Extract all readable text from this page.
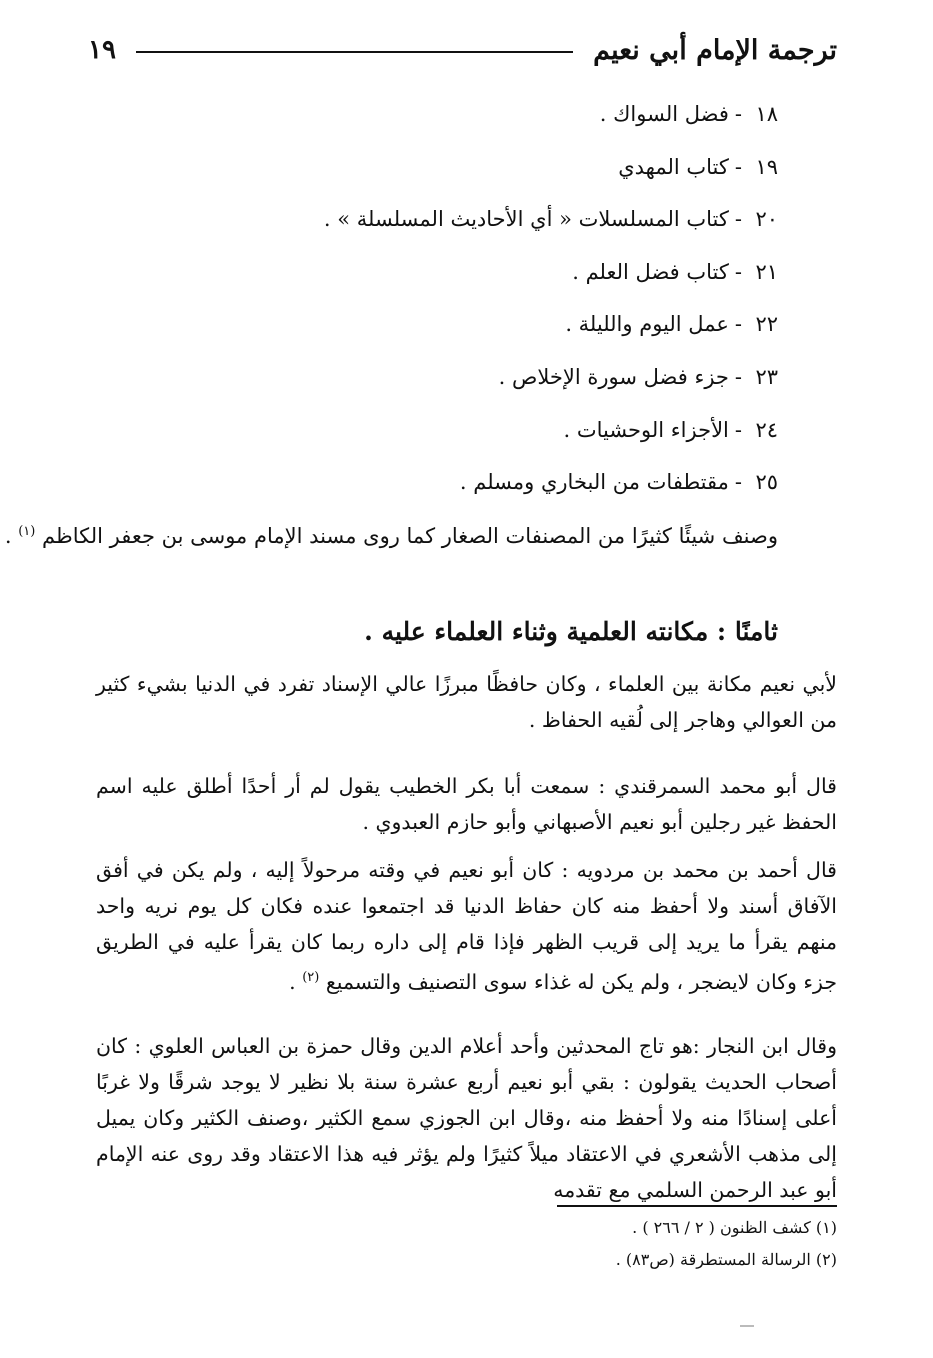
ترجمة الإمام أبي نعيم
١٩
١٨-فضل السواك .
١٩-كتاب المهدي
٢٠-كتاب المسلسلات « أي الأحاديث المسلسلة » .
٢١-كتاب فضل العلم .
٢٢-عمل اليوم والليلة .
٢٣-جزء فضل سورة الإخلاص .
٢٤-الأجزاء الوحشيات .
٢٥-مقتطفات من البخاري ومسلم .
وصنف شيئًا كثيرًا من المصنفات الصغار كما روى مسند الإمام موسى بن جعفر الكاظم $^{(١)}$ .
ثامنًا : مكانته العلمية وثناء العلماء عليه .

لأبي نعيم مكانة بين العلماء ، وكان حافظًا مبرزًا عالي الإسناد تفرد في الدنيا بشيء كثير من العوالي وهاجر إلى لُقيه الحفاظ .

قال أبو محمد السمرقندي : سمعت أبا بكر الخطيب يقول لم أر أحدًا أطلق عليه اسم الحفظ غير رجلين أبو نعيم الأصبهاني وأبو حازم العبدوي .

قال أحمد بن محمد بن مردويه : كان أبو نعيم في وقته مرحولاً إليه ، ولم يكن في أفق الآفاق أسند ولا أحفظ منه كان حفاظ الدنيا قد اجتمعوا عنده فكان كل يوم نريه واحد منهم يقرأ ما يريد إلى قريب الظهر فإذا قام إلى داره ربما كان يقرأ عليه في الطريق جزء وكان لايضجر ، ولم يكن له غذاء سوى التصنيف والتسميع $^{(٢)}$ .

وقال ابن النجار :هو تاج المحدثين وأحد أعلام الدين وقال حمزة بن العباس العلوي : كان أصحاب الحديث يقولون : بقي أبو نعيم أربع عشرة سنة بلا نظير لا يوجد شرقًا ولا غربًا أعلى إسنادًا منه ولا أحفظ منه ،وقال ابن الجوزي سمع الكثير ،وصنف الكثير وكان يميل إلى مذهب الأشعري في الاعتقاد ميلاً كثيرًا ولم يؤثر فيه هذا الاعتقاد وقد روى عنه الإمام أبو عبد الرحمن السلمي مع تقدمه

(١) كشف الظنون ( ٢ / ٢٦٦ ) .
(٢) الرسالة المستطرقة (ص٨٣) .
